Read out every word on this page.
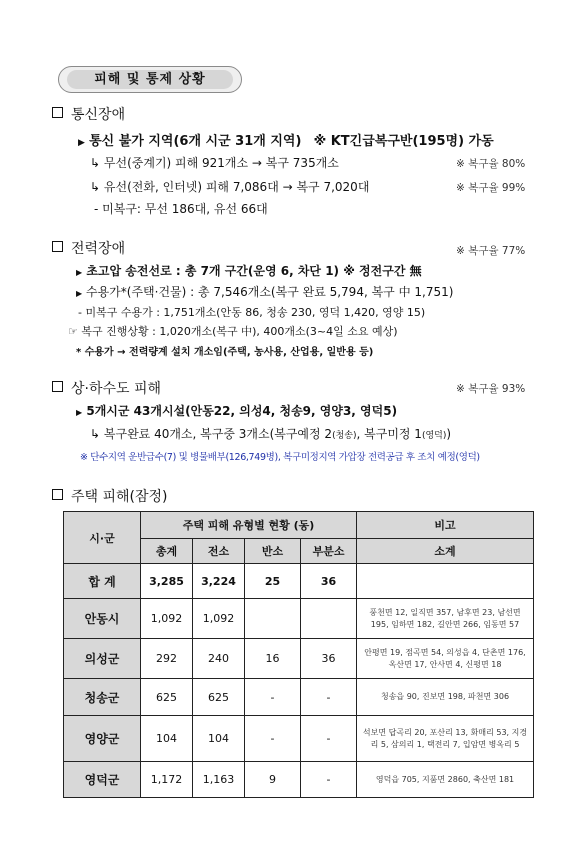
피해 및 통제 상황
통신장애
▶ 통신 불가 지역(6개 시군 31개 지역) ※ KT긴급복구반(195명) 가동
↳ 무선(중계기) 피해 921개소 → 복구 735개소	※ 복구율 80%
↳ 유선(전화, 인터넷) 피해 7,086대 → 복구 7,020대	※ 복구율 99%
- 미복구: 무선 186대, 유선 66대
전력장애	※ 복구율 77%
▶ 초고압 송전선로 : 총 7개 구간(운영 6, 차단 1) ※ 정전구간 無
▶ 수용가*(주택·건물) : 총 7,546개소(복구 완료 5,794, 복구 中 1,751)
- 미복구 수용가 : 1,751개소(안동 86, 청송 230, 영덕 1,420, 영양 15)
☞ 복구 진행상황 : 1,020개소(복구 中), 400개소(3~4일 소요 예상)
* 수용가 → 전력량계 설치 개소임(주택, 농사용, 산업용, 일반용 등)
상·하수도 피해	※ 복구율 93%
▶ 5개시군 43개시설(안동22, 의성4, 청송9, 영양3, 영덕5)
↳ 복구완료 40개소, 복구중 3개소(복구예정 2(청송), 복구미정 1(영덕))
※ 단수지역 운반급수(7) 및 병물배부(126,749병), 복구미정지역 가압장 전력공급 후 조치 예정(영덕)
주택 피해(잠정)
시·군	주택 피해 유형별 현황 (동)				비고
	총계	전소	반소	부분소	소계
합 계	3,285	3,224	25	36	
안동시	1,092	1,092			풍천면 12, 일직면 357, 남후면 23, 남선면 195, 임하면 182, 길안면 266, 임동면 57
의성군	292	240	16	36	안평면 19, 점곡면 54, 의성읍 4, 단촌면 176, 옥산면 17, 안사면 4, 신평면 18
청송군	625	625	-	-	청송읍 90, 진보면 198, 파천면 306
영양군	104	104	-	-	석보면 답곡리 20, 포산리 13, 화매리 53, 지경리 5, 삼의리 1, 택전리 7, 입암면 병옥리 5
영덕군	1,172	1,163	9	-	영덕읍 705, 지품면 2860, 축산면 181
